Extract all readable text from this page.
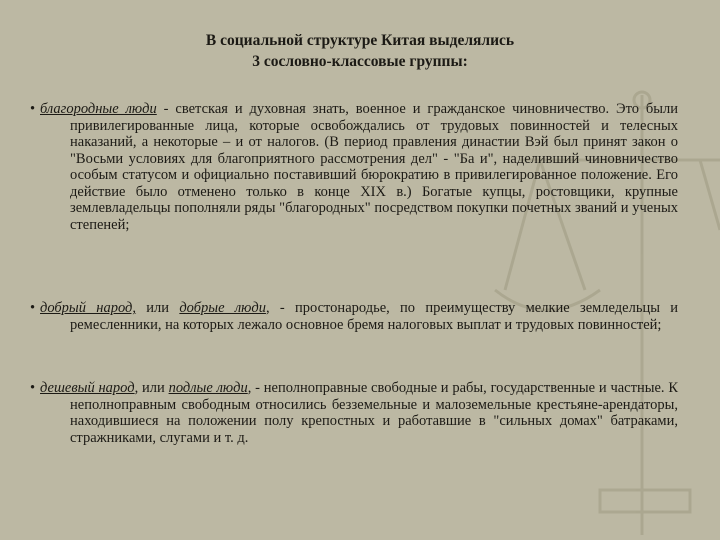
В социальной структуре Китая выделялись
3 сословно-классовые группы:
• благородные люди - светская и духовная знать, военное и гражданское чиновничество. Это были привилегированные лица, которые освобождались от трудовых повинностей и телесных наказаний, а некоторые – и от налогов. (В период правления династии Вэй был принят закон о "Восьми условиях для благоприятного рассмотрения дел" - "Ба и", наделивший чиновничество особым статусом и официально поставивший бюрократию в привилегированное положение. Его действие было отменено только в конце XIX в.) Богатые купцы, ростовщики, крупные землевладельцы пополняли ряды "благородных" посредством покупки почетных званий и ученых степеней;
• добрый народ, или добрые люди, - простонародье, по преимуществу мелкие земледельцы и ремесленники, на которых лежало основное бремя налоговых выплат и трудовых повинностей;
• дешевый народ, или подлые люди, - неполноправные свободные и рабы, государственные и частные. К неполноправным свободным относились безземельные и малоземельные крестьяне-арендаторы, находившиеся на положении полу крепостных и работавшие в "сильных домах" батраками, стражниками, слугами и т. д.
